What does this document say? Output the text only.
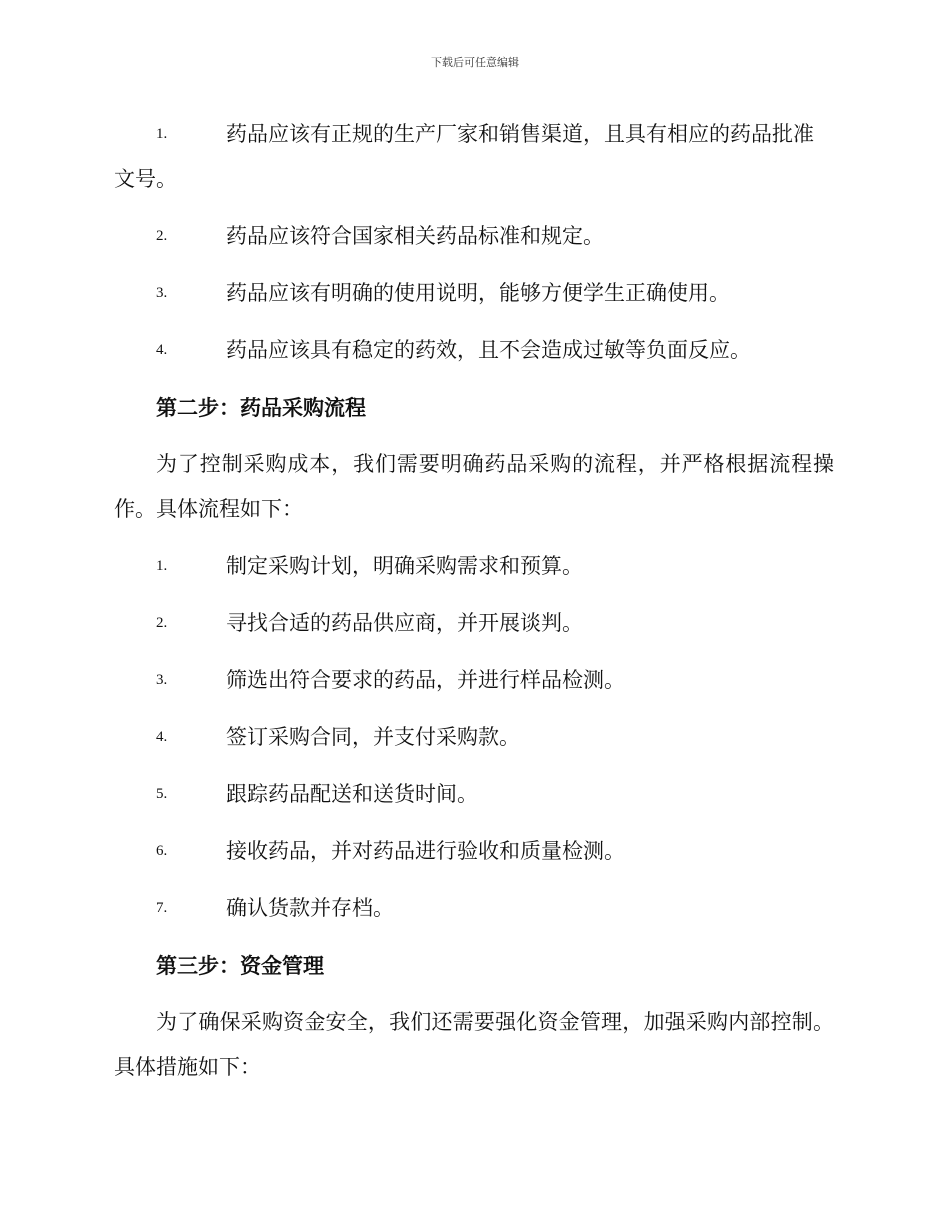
下载后可任意编辑

1.	药品应该有正规的生产厂家和销售渠道，且具有相应的药品批准文号。

2.	药品应该符合国家相关药品标准和规定。

3.	药品应该有明确的使用说明，能够方便学生正确使用。

4.	药品应该具有稳定的药效，且不会造成过敏等负面反应。

第二步：药品采购流程

为了控制采购成本，我们需要明确药品采购的流程，并严格根据流程操作。具体流程如下：

1.	制定采购计划，明确采购需求和预算。

2.	寻找合适的药品供应商，并开展谈判。

3.	筛选出符合要求的药品，并进行样品检测。

4.	签订采购合同，并支付采购款。

5.	跟踪药品配送和送货时间。

6.	接收药品，并对药品进行验收和质量检测。

7.	确认货款并存档。

第三步：资金管理

为了确保采购资金安全，我们还需要强化资金管理，加强采购内部控制。具体措施如下：
